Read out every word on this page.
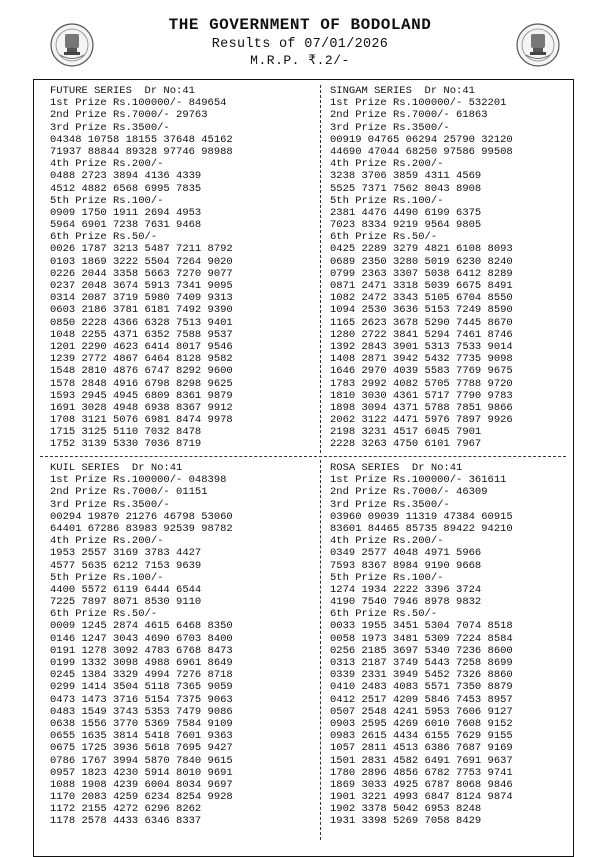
THE GOVERNMENT OF BODOLAND
Results of 07/01/2026
M.R.P. ₹.2/-
FUTURE SERIES  Dr No:41
1st Prize Rs.100000/- 849654
2nd Prize Rs.7000/- 29763
3rd Prize Rs.3500/-
04348 10758 18155 37648 45162
71937 88844 89328 97746 98988
4th Prize Rs.200/-
0488 2723 3894 4136 4339
4512 4882 6568 6995 7835
5th Prize Rs.100/-
0909 1750 1911 2694 4953
5964 6901 7238 7631 9468
6th Prize Rs.50/-
0026 1787 3213 5487 7211 8792
0103 1869 3222 5504 7264 9020
0226 2044 3358 5663 7270 9077
0237 2048 3674 5913 7341 9095
0314 2087 3719 5980 7409 9313
0603 2186 3781 6181 7492 9390
0850 2228 4366 6328 7513 9401
1048 2255 4371 6352 7588 9537
1201 2290 4623 6414 8017 9546
1239 2772 4867 6464 8128 9582
1548 2810 4876 6747 8292 9600
1578 2848 4916 6798 8298 9625
1593 2945 4945 6809 8361 9879
1691 3028 4948 6938 8367 9912
1708 3121 5076 6981 8474 9978
1715 3125 5110 7032 8478
1752 3139 5330 7036 8719
SINGAM SERIES  Dr No:41
1st Prize Rs.100000/- 532201
2nd Prize Rs.7000/- 61863
3rd Prize Rs.3500/-
00919 04765 06294 25790 32120
44690 47044 68250 97586 99508
4th Prize Rs.200/-
3238 3706 3859 4311 4569
5525 7371 7562 8043 8908
5th Prize Rs.100/-
2381 4476 4490 6199 6375
7023 8334 9219 9564 9805
6th Prize Rs.50/-
0425 2289 3279 4821 6108 8093
0689 2350 3280 5019 6230 8240
0799 2363 3307 5038 6412 8289
0871 2471 3318 5039 6675 8491
1082 2472 3343 5105 6704 8550
1094 2530 3636 5153 7249 8590
1165 2623 3678 5290 7445 8670
1280 2722 3841 5294 7461 8746
1392 2843 3901 5313 7533 9014
1408 2871 3942 5432 7735 9098
1646 2970 4039 5583 7769 9675
1783 2992 4082 5705 7788 9720
1810 3030 4361 5717 7790 9783
1898 3094 4371 5788 7851 9866
2062 3122 4471 5976 7897 9926
2198 3231 4517 6045 7901
2228 3263 4750 6101 7967
KUIL SERIES  Dr No:41
1st Prize Rs.100000/- 048398
2nd Prize Rs.7000/- 01151
3rd Prize Rs.3500/-
00294 19870 21276 46798 53060
64401 67286 83983 92539 98782
4th Prize Rs.200/-
1953 2557 3169 3783 4427
4577 5635 6212 7153 9639
5th Prize Rs.100/-
4400 5572 6119 6444 6544
7225 7897 8071 8530 9110
6th Prize Rs.50/-
0009 1245 2874 4615 6468 8350
0146 1247 3043 4690 6703 8400
0191 1278 3092 4783 6768 8473
0199 1332 3098 4988 6961 8649
0245 1384 3329 4994 7276 8718
0299 1414 3504 5118 7365 9059
0473 1473 3716 5154 7375 9063
0483 1549 3743 5353 7479 9086
0638 1556 3770 5369 7584 9109
0655 1635 3814 5418 7601 9363
0675 1725 3936 5618 7695 9427
0786 1767 3994 5870 7840 9615
0957 1823 4230 5914 8010 9691
1088 1908 4239 6004 8034 9697
1170 2083 4259 6234 8254 9928
1172 2155 4272 6296 8262
1178 2578 4433 6346 8337
ROSA SERIES  Dr No:41
1st Prize Rs.100000/- 361611
2nd Prize Rs.7000/- 46309
3rd Prize Rs.3500/-
03960 09039 11319 47384 60915
83601 84465 85735 89422 94210
4th Prize Rs.200/-
0349 2577 4048 4971 5966
7593 8367 8984 9190 9668
5th Prize Rs.100/-
1274 1934 2222 3396 3724
4190 7540 7946 8978 9832
6th Prize Rs.50/-
0033 1955 3451 5304 7074 8518
0058 1973 3481 5309 7224 8584
0256 2185 3697 5340 7236 8600
0313 2187 3749 5443 7258 8699
0339 2331 3949 5452 7326 8860
0410 2483 4083 5571 7350 8879
0412 2517 4209 5846 7453 8957
0507 2548 4241 5953 7606 9127
0903 2595 4269 6010 7608 9152
0983 2615 4434 6155 7629 9155
1057 2811 4513 6386 7687 9169
1501 2831 4582 6491 7691 9637
1780 2896 4856 6782 7753 9741
1869 3033 4925 6787 8068 9846
1901 3221 4993 6847 8124 9874
1902 3378 5042 6953 8248
1931 3398 5269 7058 8429
